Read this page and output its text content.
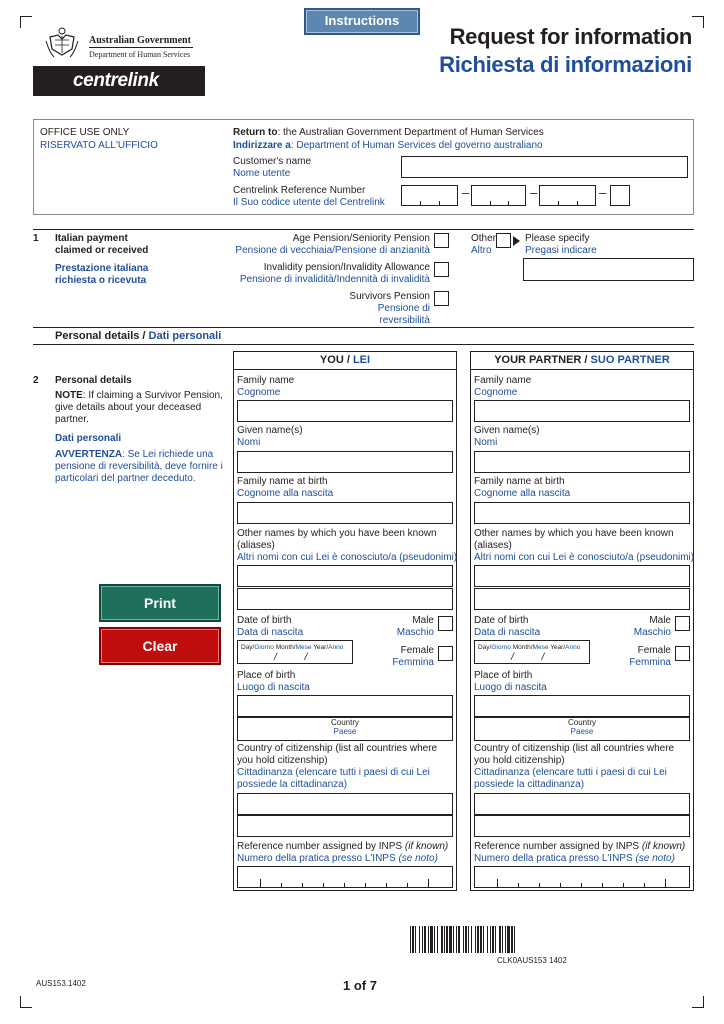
Instructions
Request for information
Richiesta di informazioni
Australian Government
Department of Human Services
centrelink
OFFICE USE ONLY
RISERVATO ALL'UFFICIO
Return to: the Australian Government Department of Human Services
Indirizzare a: Department of Human Services del governo australiano
Customer's name
Nome utente
Centrelink Reference Number
Il Suo codice utente del Centrelink
–	–	–
1 Italian payment
claimed or received
Prestazione italiana
richiesta o ricevuta
Age Pension/Seniority Pension
Pensione di vecchiaia/Pensione di anzianità
Other
Altro
Please specify
Pregasi indicare
Invalidity pension/Invalidity Allowance
Pensione di invalidità/Indennità di invalidità
Survivors Pension
Pensione di
reversibilità
Personal details / Dati personali
2 Personal details
NOTE: If claiming a Survivor Pension, give details about your deceased partner.
Dati personali
AVVERTENZA: Se Lei richiede una pensione di reversibilità, deve fornire i particolari del partner deceduto.
Print
Clear
YOU / LEI
Family name
Cognome
Given name(s)
Nomi
Family name at birth
Cognome alla nascita
Other names by which you have been known (aliases)
Altri nomi con cui Lei è conosciuto/a (pseudonimi)
Date of birth
Data di nascita
Male
Maschio
Day/Giorno Month/Mese Year/Anno
/          /
Female
Femmina
Place of birth
Luogo di nascita
Country
Paese
Country of citizenship (list all countries where you hold citizenship)
Cittadinanza (elencare tutti i paesi di cui Lei possiede la cittadinanza)
Reference number assigned by INPS (if known)
Numero della pratica presso L'INPS (se noto)
YOUR PARTNER / SUO PARTNER
Family name
Cognome
Given name(s)
Nomi
Family name at birth
Cognome alla nascita
Other names by which you have been known (aliases)
Altri nomi con cui Lei è conosciuto/a (pseudonimi)
Date of birth
Data di nascita
Male
Maschio
Day/Giorno Month/Mese Year/Anno
/          /
Female
Femmina
Place of birth
Luogo di nascita
Country
Paese
Country of citizenship (list all countries where you hold citizenship)
Cittadinanza (elencare tutti i paesi di cui Lei possiede la cittadinanza)
Reference number assigned by INPS (if known)
Numero della pratica presso L'INPS (se noto)
CLK0AUS153 1402
AUS153.1402	1 of 7
